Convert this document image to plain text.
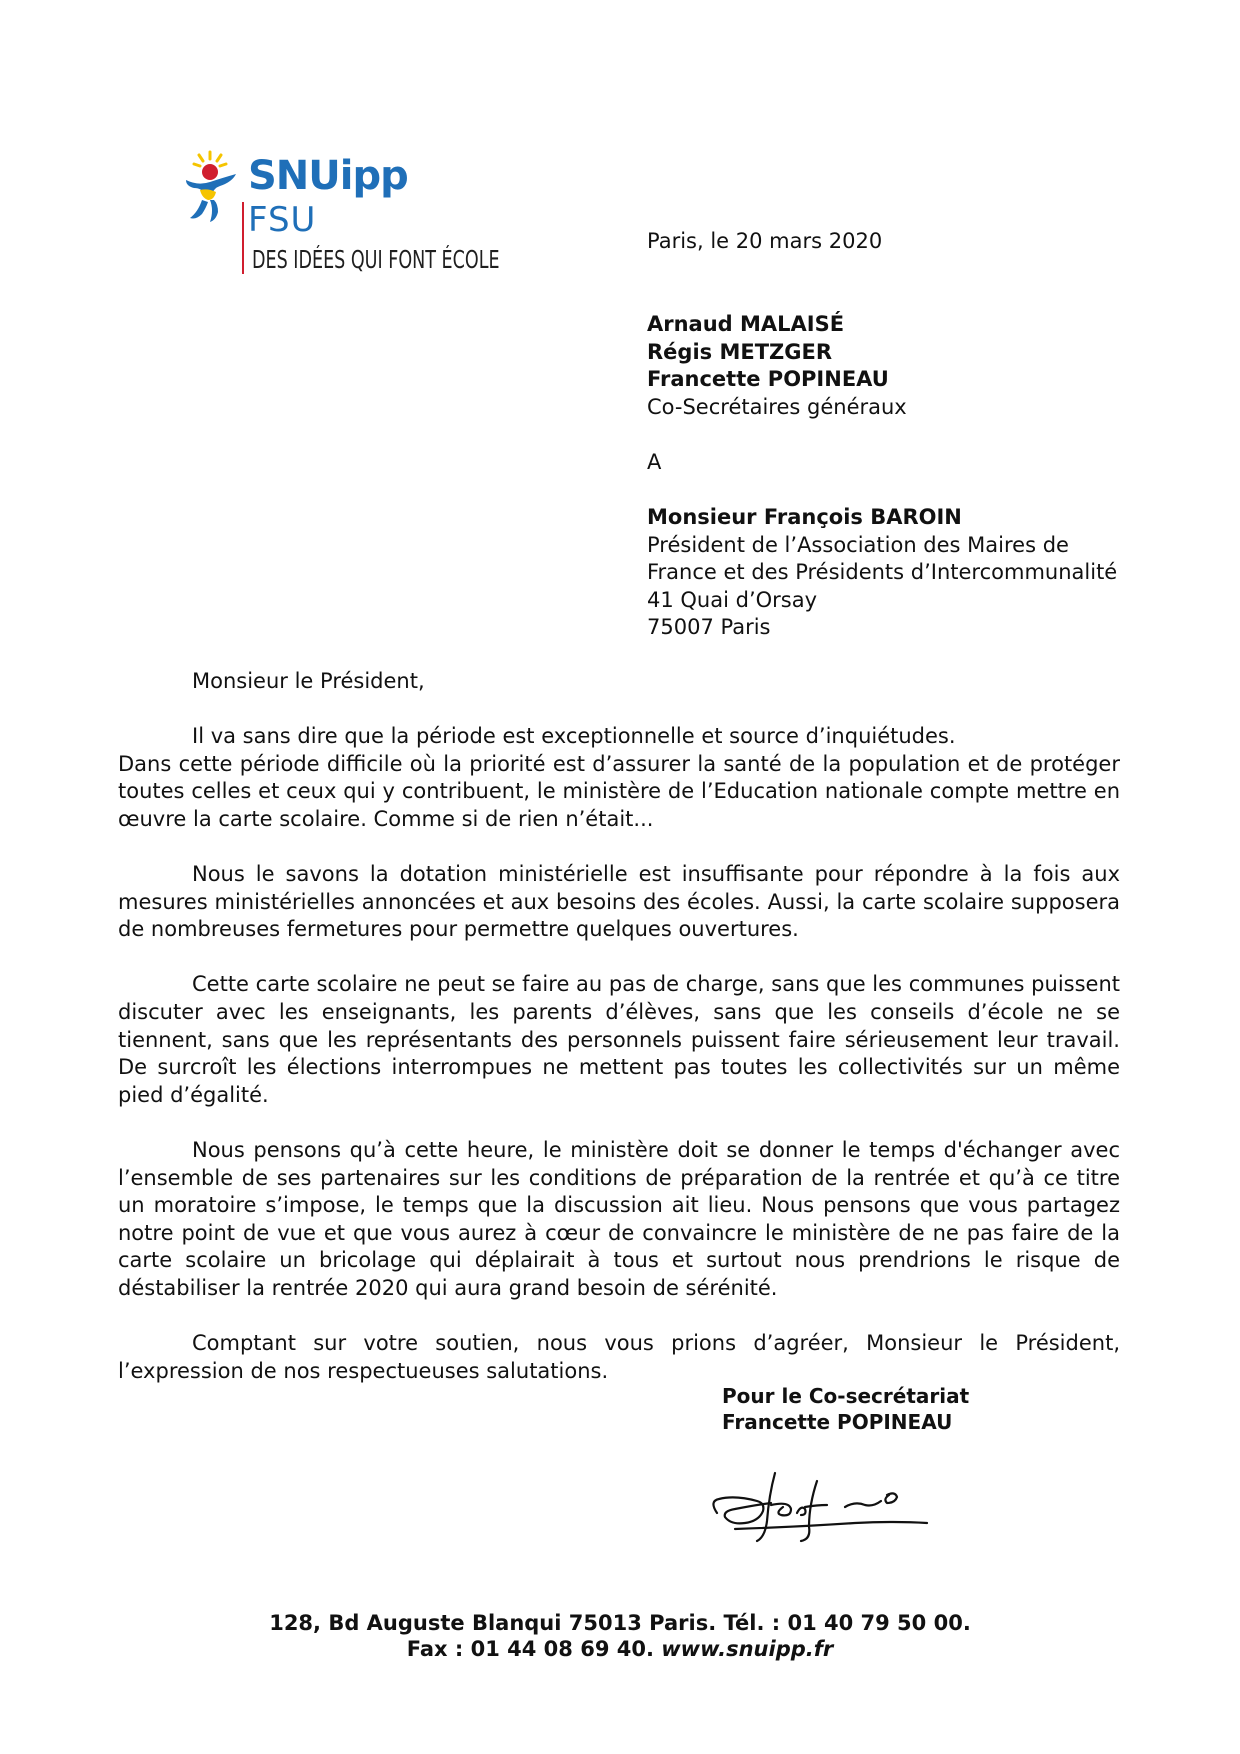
SNUipp
FSU
DES IDÉES QUI FONT ÉCOLE
Paris, le 20 mars 2020
Arnaud MALAISÉ
Régis METZGER
Francette POPINEAU
Co-Secrétaires généraux
A
Monsieur François BAROIN
Président de l’Association des Maires de
France et des Présidents d’Intercommunalité
41 Quai d’Orsay
75007 Paris
Monsieur le Président,

Il va sans dire que la période est exceptionnelle et source d’inquiétudes.
Dans cette période difficile où la priorité est d’assurer la santé de la population et de protéger toutes celles et ceux qui y contribuent, le ministère de l’Education nationale compte mettre en œuvre la carte scolaire. Comme si de rien n’était...

Nous le savons la dotation ministérielle est insuffisante pour répondre à la fois aux mesures ministérielles annoncées et aux besoins des écoles. Aussi, la carte scolaire supposera de nombreuses fermetures pour permettre quelques ouvertures.

Cette carte scolaire ne peut se faire au pas de charge, sans que les communes puissent discuter avec les enseignants, les parents d’élèves, sans que les conseils d’école ne se tiennent, sans que les représentants des personnels puissent faire sérieusement leur travail. De surcroît les élections interrompues ne mettent pas toutes les collectivités sur un même pied d’égalité.

Nous pensons qu’à cette heure, le ministère doit se donner le temps d'échanger avec l’ensemble de ses partenaires sur les conditions de préparation de la rentrée et qu’à ce titre un moratoire s’impose, le temps que la discussion ait lieu. Nous pensons que vous partagez notre point de vue et que vous aurez à cœur de convaincre le ministère de ne pas faire de la carte scolaire un bricolage qui déplairait à tous et surtout nous prendrions le risque de déstabiliser la rentrée 2020 qui aura grand besoin de sérénité.

Comptant sur votre soutien, nous vous prions d’agréer, Monsieur le Président, l’expression de nos respectueuses salutations.

Pour le Co-secrétariat
Francette POPINEAU
128, Bd Auguste Blanqui 75013 Paris. Tél. : 01 40 79 50 00.
Fax : 01 44 08 69 40. www.snuipp.fr
